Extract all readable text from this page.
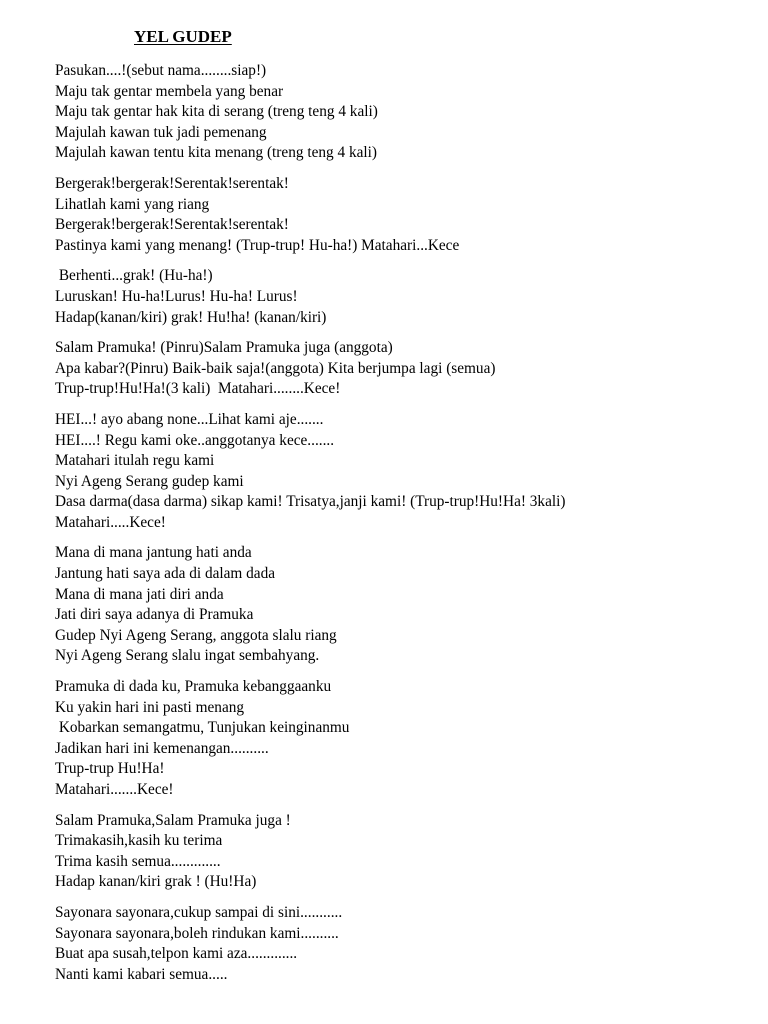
YEL GUDEP
Pasukan....!(sebut nama........siap!)
Maju tak gentar membela yang benar
Maju tak gentar hak kita di serang (treng teng 4 kali)
Majulah kawan tuk jadi pemenang
Majulah kawan tentu kita menang (treng teng 4 kali)
Bergerak!bergerak!Serentak!serentak!
Lihatlah kami yang riang
Bergerak!bergerak!Serentak!serentak!
Pastinya kami yang menang! (Trup-trup! Hu-ha!) Matahari...Kece
Berhenti...grak! (Hu-ha!)
Luruskan! Hu-ha!Lurus! Hu-ha! Lurus!
Hadap(kanan/kiri) grak! Hu!ha! (kanan/kiri)
Salam Pramuka! (Pinru)Salam Pramuka juga (anggota)
Apa kabar?(Pinru) Baik-baik saja!(anggota) Kita berjumpa lagi (semua)
Trup-trup!Hu!Ha!(3 kali)  Matahari........Kece!
HEI...! ayo abang none...Lihat kami aje.......
HEI....! Regu kami oke..anggotanya kece.......
Matahari itulah regu kami
Nyi Ageng Serang gudep kami
Dasa darma(dasa darma) sikap kami! Trisatya,janji kami! (Trup-trup!Hu!Ha! 3kali)
Matahari.....Kece!
Mana di mana jantung hati anda
Jantung hati saya ada di dalam dada
Mana di mana jati diri anda
Jati diri saya adanya di Pramuka
Gudep Nyi Ageng Serang, anggota slalu riang
Nyi Ageng Serang slalu ingat sembahyang.
Pramuka di dada ku, Pramuka kebanggaanku
Ku yakin hari ini pasti menang
Kobarkan semangatmu, Tunjukan keinginanmu
Jadikan hari ini kemenangan..........
Trup-trup Hu!Ha!
Matahari.......Kece!
Salam Pramuka,Salam Pramuka juga !
Trimakasih,kasih ku terima
Trima kasih semua.............
Hadap kanan/kiri grak ! (Hu!Ha)
Sayonara sayonara,cukup sampai di sini...........
Sayonara sayonara,boleh rindukan kami..........
Buat apa susah,telpon kami aza.............
Nanti kami kabari semua.....
